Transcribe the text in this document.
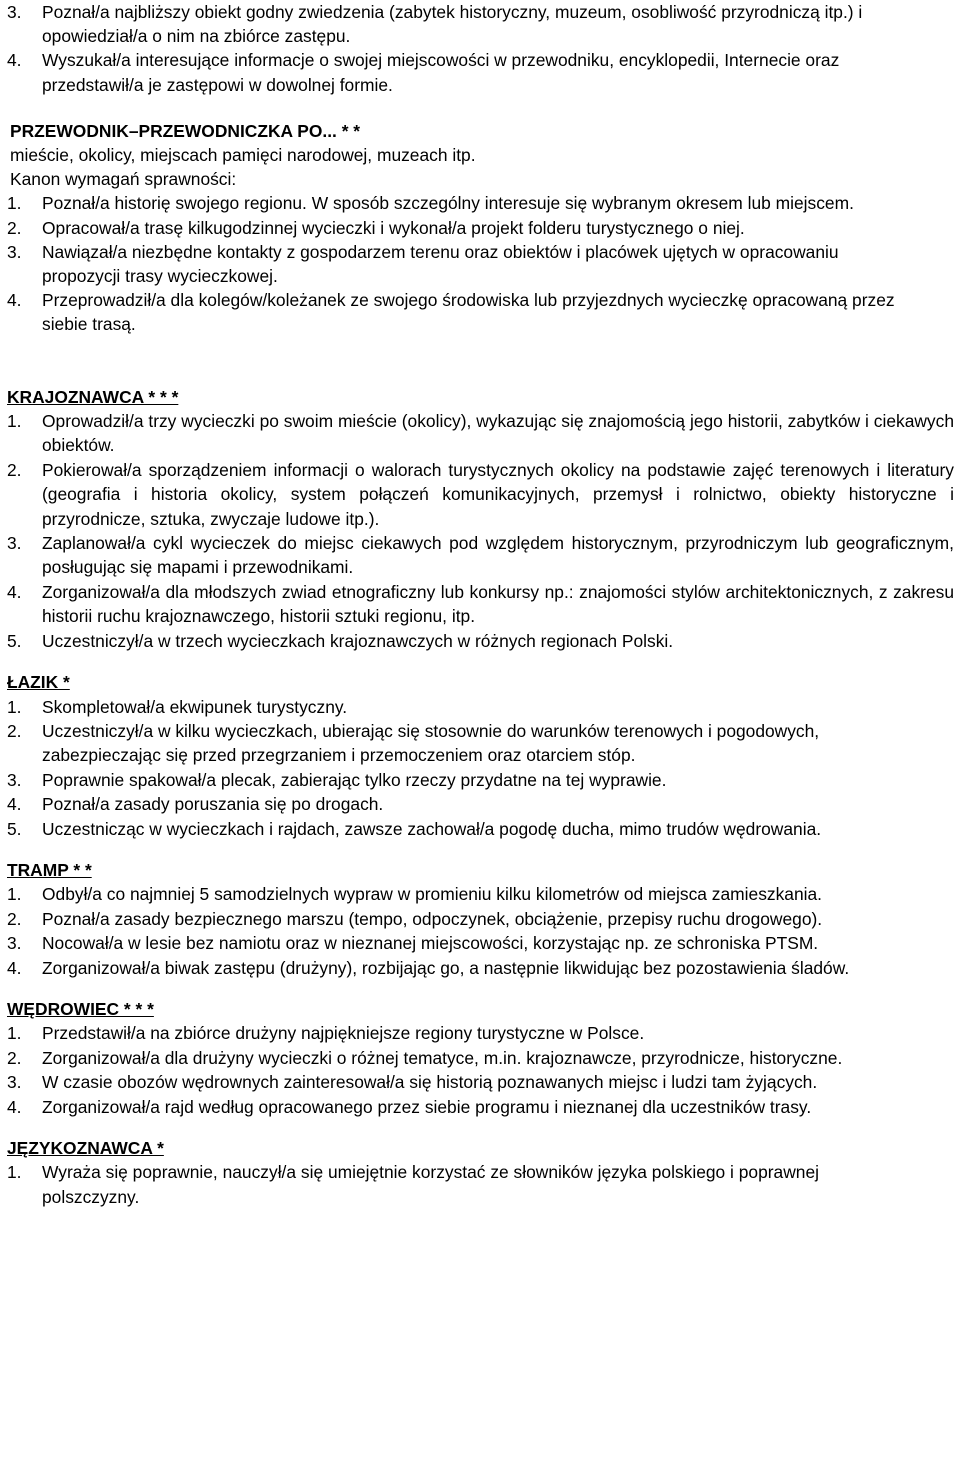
3. Poznał/a najbliższy obiekt godny zwiedzenia (zabytek historyczny, muzeum, osobliwość przyrodniczą itp.) i opowiedział/a o nim na zbiórce zastępu.
4. Wyszukał/a interesujące informacje o swojej miejscowości w przewodniku, encyklopedii, Internecie oraz przedstawił/a je zastępowi w dowolnej formie.
PRZEWODNIK–PRZEWODNICZKA PO... * *
mieście, okolicy, miejscach pamięci narodowej, muzeach itp.
Kanon wymagań sprawności:
1. Poznał/a historię swojego regionu. W sposób szczególny interesuje się wybranym okresem lub miejscem.
2. Opracował/a trasę kilkugodzinnej wycieczki i wykonał/a projekt folderu turystycznego o niej.
3. Nawiązał/a niezbędne kontakty z gospodarzem terenu oraz obiektów i placówek ujętych w opracowaniu propozycji trasy wycieczkowej.
4. Przeprowadził/a dla kolegów/koleżanek ze swojego środowiska lub przyjezdnych wycieczkę opracowaną przez siebie trasą.
KRAJOZNAWCA * * *
1. Oprowadził/a trzy wycieczki po swoim mieście (okolicy), wykazując się znajomością jego historii, zabytków i ciekawych obiektów.
2. Pokierował/a sporządzeniem informacji o walorach turystycznych okolicy na podstawie zajęć terenowych i literatury (geografia i historia okolicy, system połączeń komunikacyjnych, przemysł i rolnictwo, obiekty historyczne i przyrodnicze, sztuka, zwyczaje ludowe itp.).
3. Zaplanował/a cykl wycieczek do miejsc ciekawych pod względem historycznym, przyrodniczym lub geograficznym, posługując się mapami i przewodnikami.
4. Zorganizował/a dla młodszych zwiad etnograficzny lub konkursy np.: znajomości stylów architektonicznych, z zakresu historii ruchu krajoznawczego, historii sztuki regionu, itp.
5. Uczestniczył/a w trzech wycieczkach krajoznawczych w różnych regionach Polski.
ŁAZIK *
1. Skompletował/a ekwipunek turystyczny.
2. Uczestniczył/a w kilku wycieczkach, ubierając się stosownie do warunków terenowych i pogodowych, zabezpieczając się przed przegrzaniem i przemoczeniem oraz otarciem stóp.
3. Poprawnie spakował/a plecak, zabierając tylko rzeczy przydatne na tej wyprawie.
4. Poznał/a zasady poruszania się po drogach.
5. Uczestnicząc w wycieczkach i rajdach, zawsze zachował/a pogodę ducha, mimo trudów wędrowania.
TRAMP * *
1. Odbył/a co najmniej 5 samodzielnych wypraw w promieniu kilku kilometrów od miejsca zamieszkania.
2. Poznał/a zasady bezpiecznego marszu (tempo, odpoczynek, obciążenie, przepisy ruchu drogowego).
3. Nocował/a w lesie bez namiotu oraz w nieznanej miejscowości, korzystając np. ze schroniska PTSM.
4. Zorganizował/a biwak zastępu (drużyny), rozbijając go, a następnie likwidując bez pozostawienia śladów.
WĘDROWIEC * * *
1. Przedstawił/a na zbiórce drużyny najpiękniejsze regiony turystyczne w Polsce.
2. Zorganizował/a dla drużyny wycieczki o różnej tematyce, m.in. krajoznawcze, przyrodnicze, historyczne.
3. W czasie obozów wędrownych zainteresował/a się historią poznawanych miejsc i ludzi tam żyjących.
4. Zorganizował/a rajd według opracowanego przez siebie programu i nieznanej dla uczestników trasy.
JĘZYKOZNAWCA *
1. Wyraża się poprawnie, nauczył/a się umiejętnie korzystać ze słowników języka polskiego i poprawnej polszczyzny.
